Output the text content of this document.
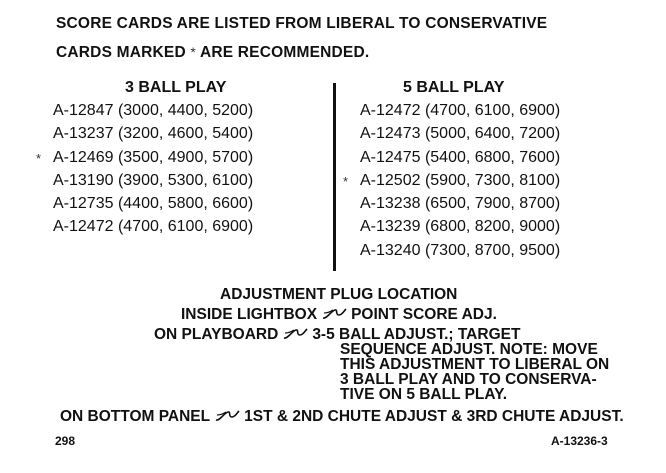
SCORE CARDS ARE LISTED FROM LIBERAL TO CONSERVATIVE
CARDS MARKED * ARE RECOMMENDED.
3 BALL PLAY
A-12847 (3000, 4400, 5200)
A-13237 (3200, 4600, 5400)
* A-12469 (3500, 4900, 5700)
A-13190 (3900, 5300, 6100)
A-12735 (4400, 5800, 6600)
A-12472 (4700, 6100, 6900)
5 BALL PLAY
A-12472 (4700, 6100, 6900)
A-12473 (5000, 6400, 7200)
A-12475 (5400, 6800, 7600)
* A-12502 (5900, 7300, 8100)
A-13238 (6500, 7900, 8700)
A-13239 (6800, 8200, 9000)
A-13240 (7300, 8700, 9500)
ADJUSTMENT PLUG LOCATION
INSIDE LIGHTBOX POINT SCORE ADJ.
ON PLAYBOARD 3-5 BALL ADJUST.; TARGET
SEQUENCE ADJUST. NOTE: MOVE
THIS ADJUSTMENT TO LIBERAL ON
3 BALL PLAY AND TO CONSERVA-
TIVE ON 5 BALL PLAY.
ON BOTTOM PANEL 1ST & 2ND CHUTE ADJUST & 3RD CHUTE ADJUST.
298	A-13236-3
